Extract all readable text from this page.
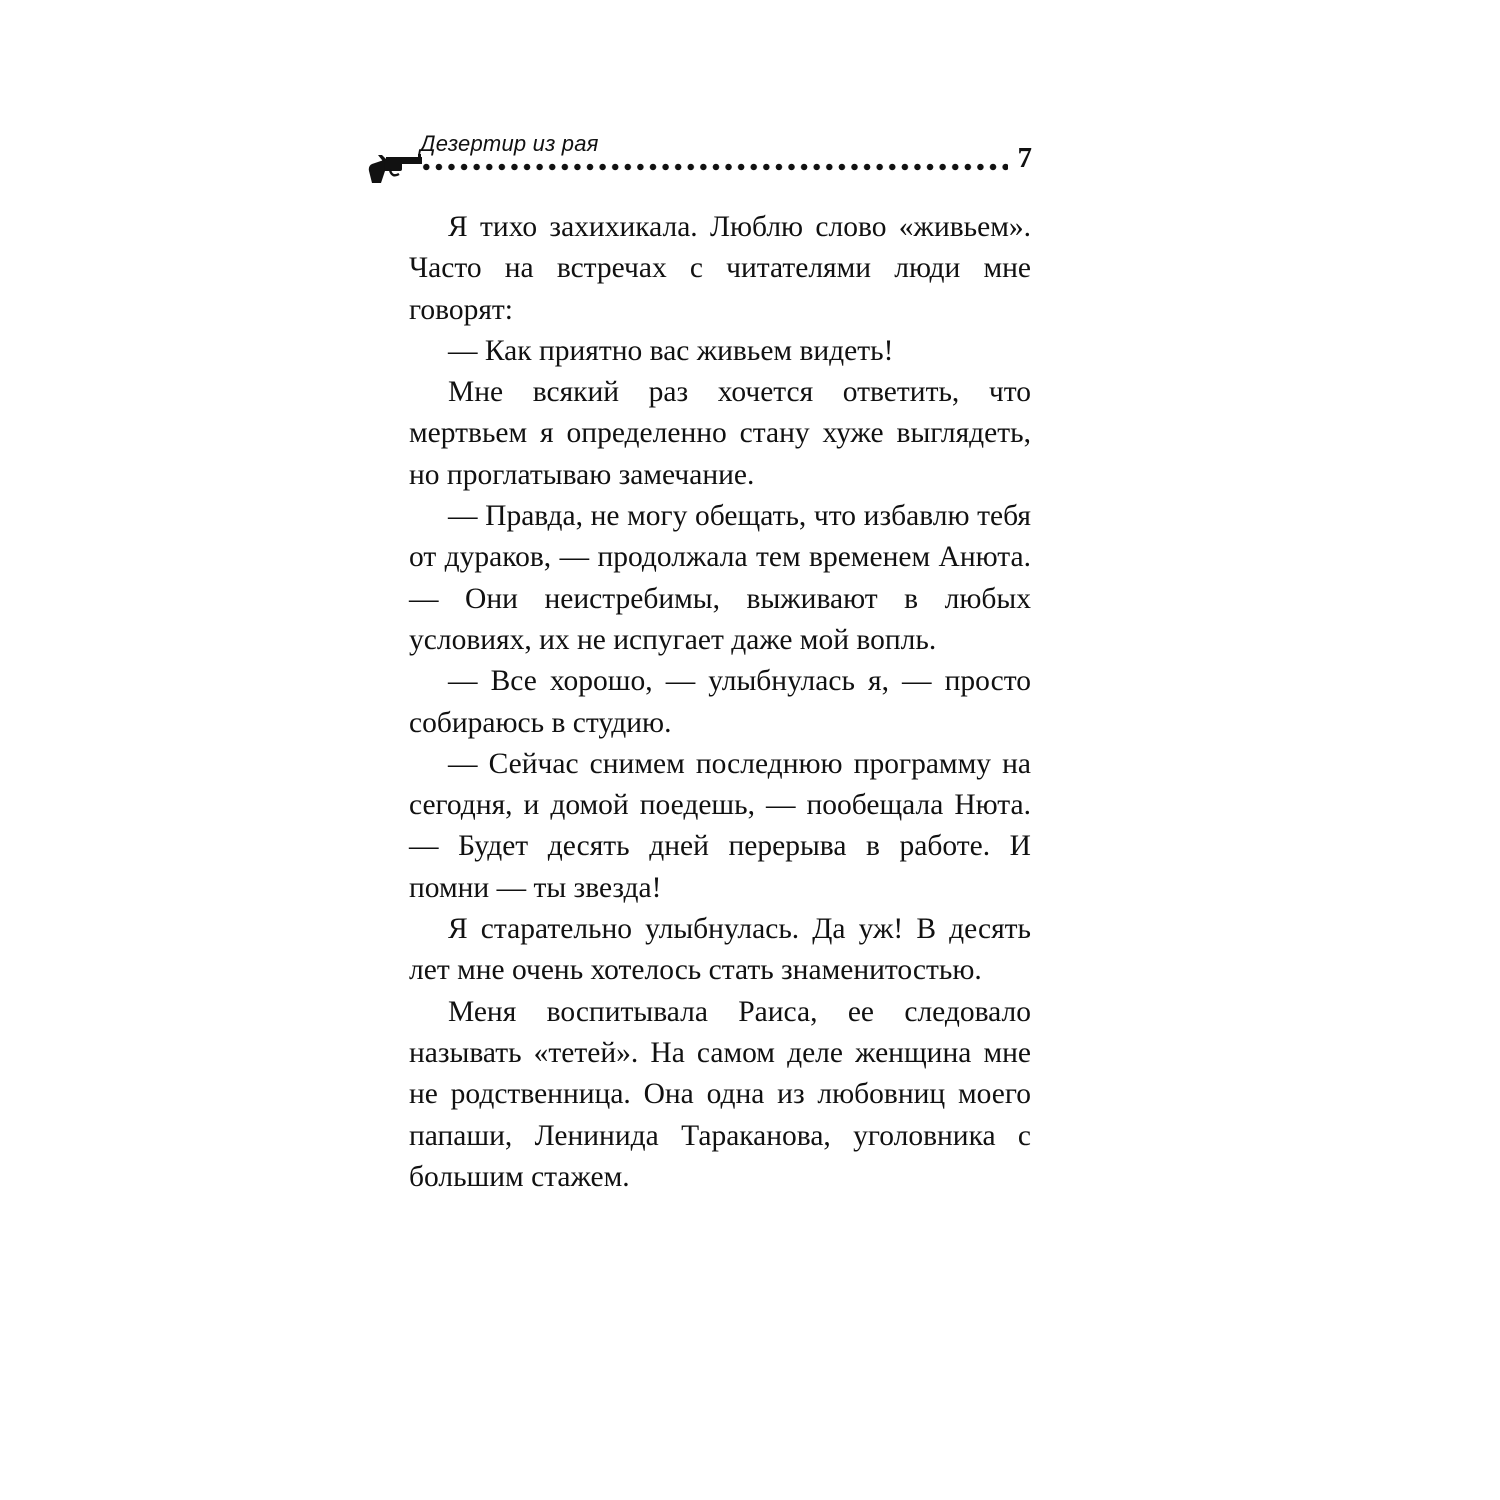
Дезертир из рая	7

Я тихо захихикала. Люблю слово «живьем». Часто на встречах с читателями люди мне говорят:

— Как приятно вас живьем видеть!

Мне всякий раз хочется ответить, что мертвьем я определенно стану хуже выглядеть, но проглатываю замечание.

— Правда, не могу обещать, что избавлю тебя от дураков, — продолжала тем временем Анюта. — Они неистребимы, выживают в любых условиях, их не испугает даже мой вопль.

— Все хорошо, — улыбнулась я, — просто собираюсь в студию.

— Сейчас снимем последнюю программу на сегодня, и домой поедешь, — пообещала Нюта. — Будет десять дней перерыва в работе. И помни — ты звезда!

Я старательно улыбнулась. Да уж! В десять лет мне очень хотелось стать знаменитостью.

Меня воспитывала Раиса, ее следовало называть «тетей». На самом деле женщина мне не родственница. Она одна из любовниц моего папаши, Ленинида Тараканова, уголовника с большим стажем.
